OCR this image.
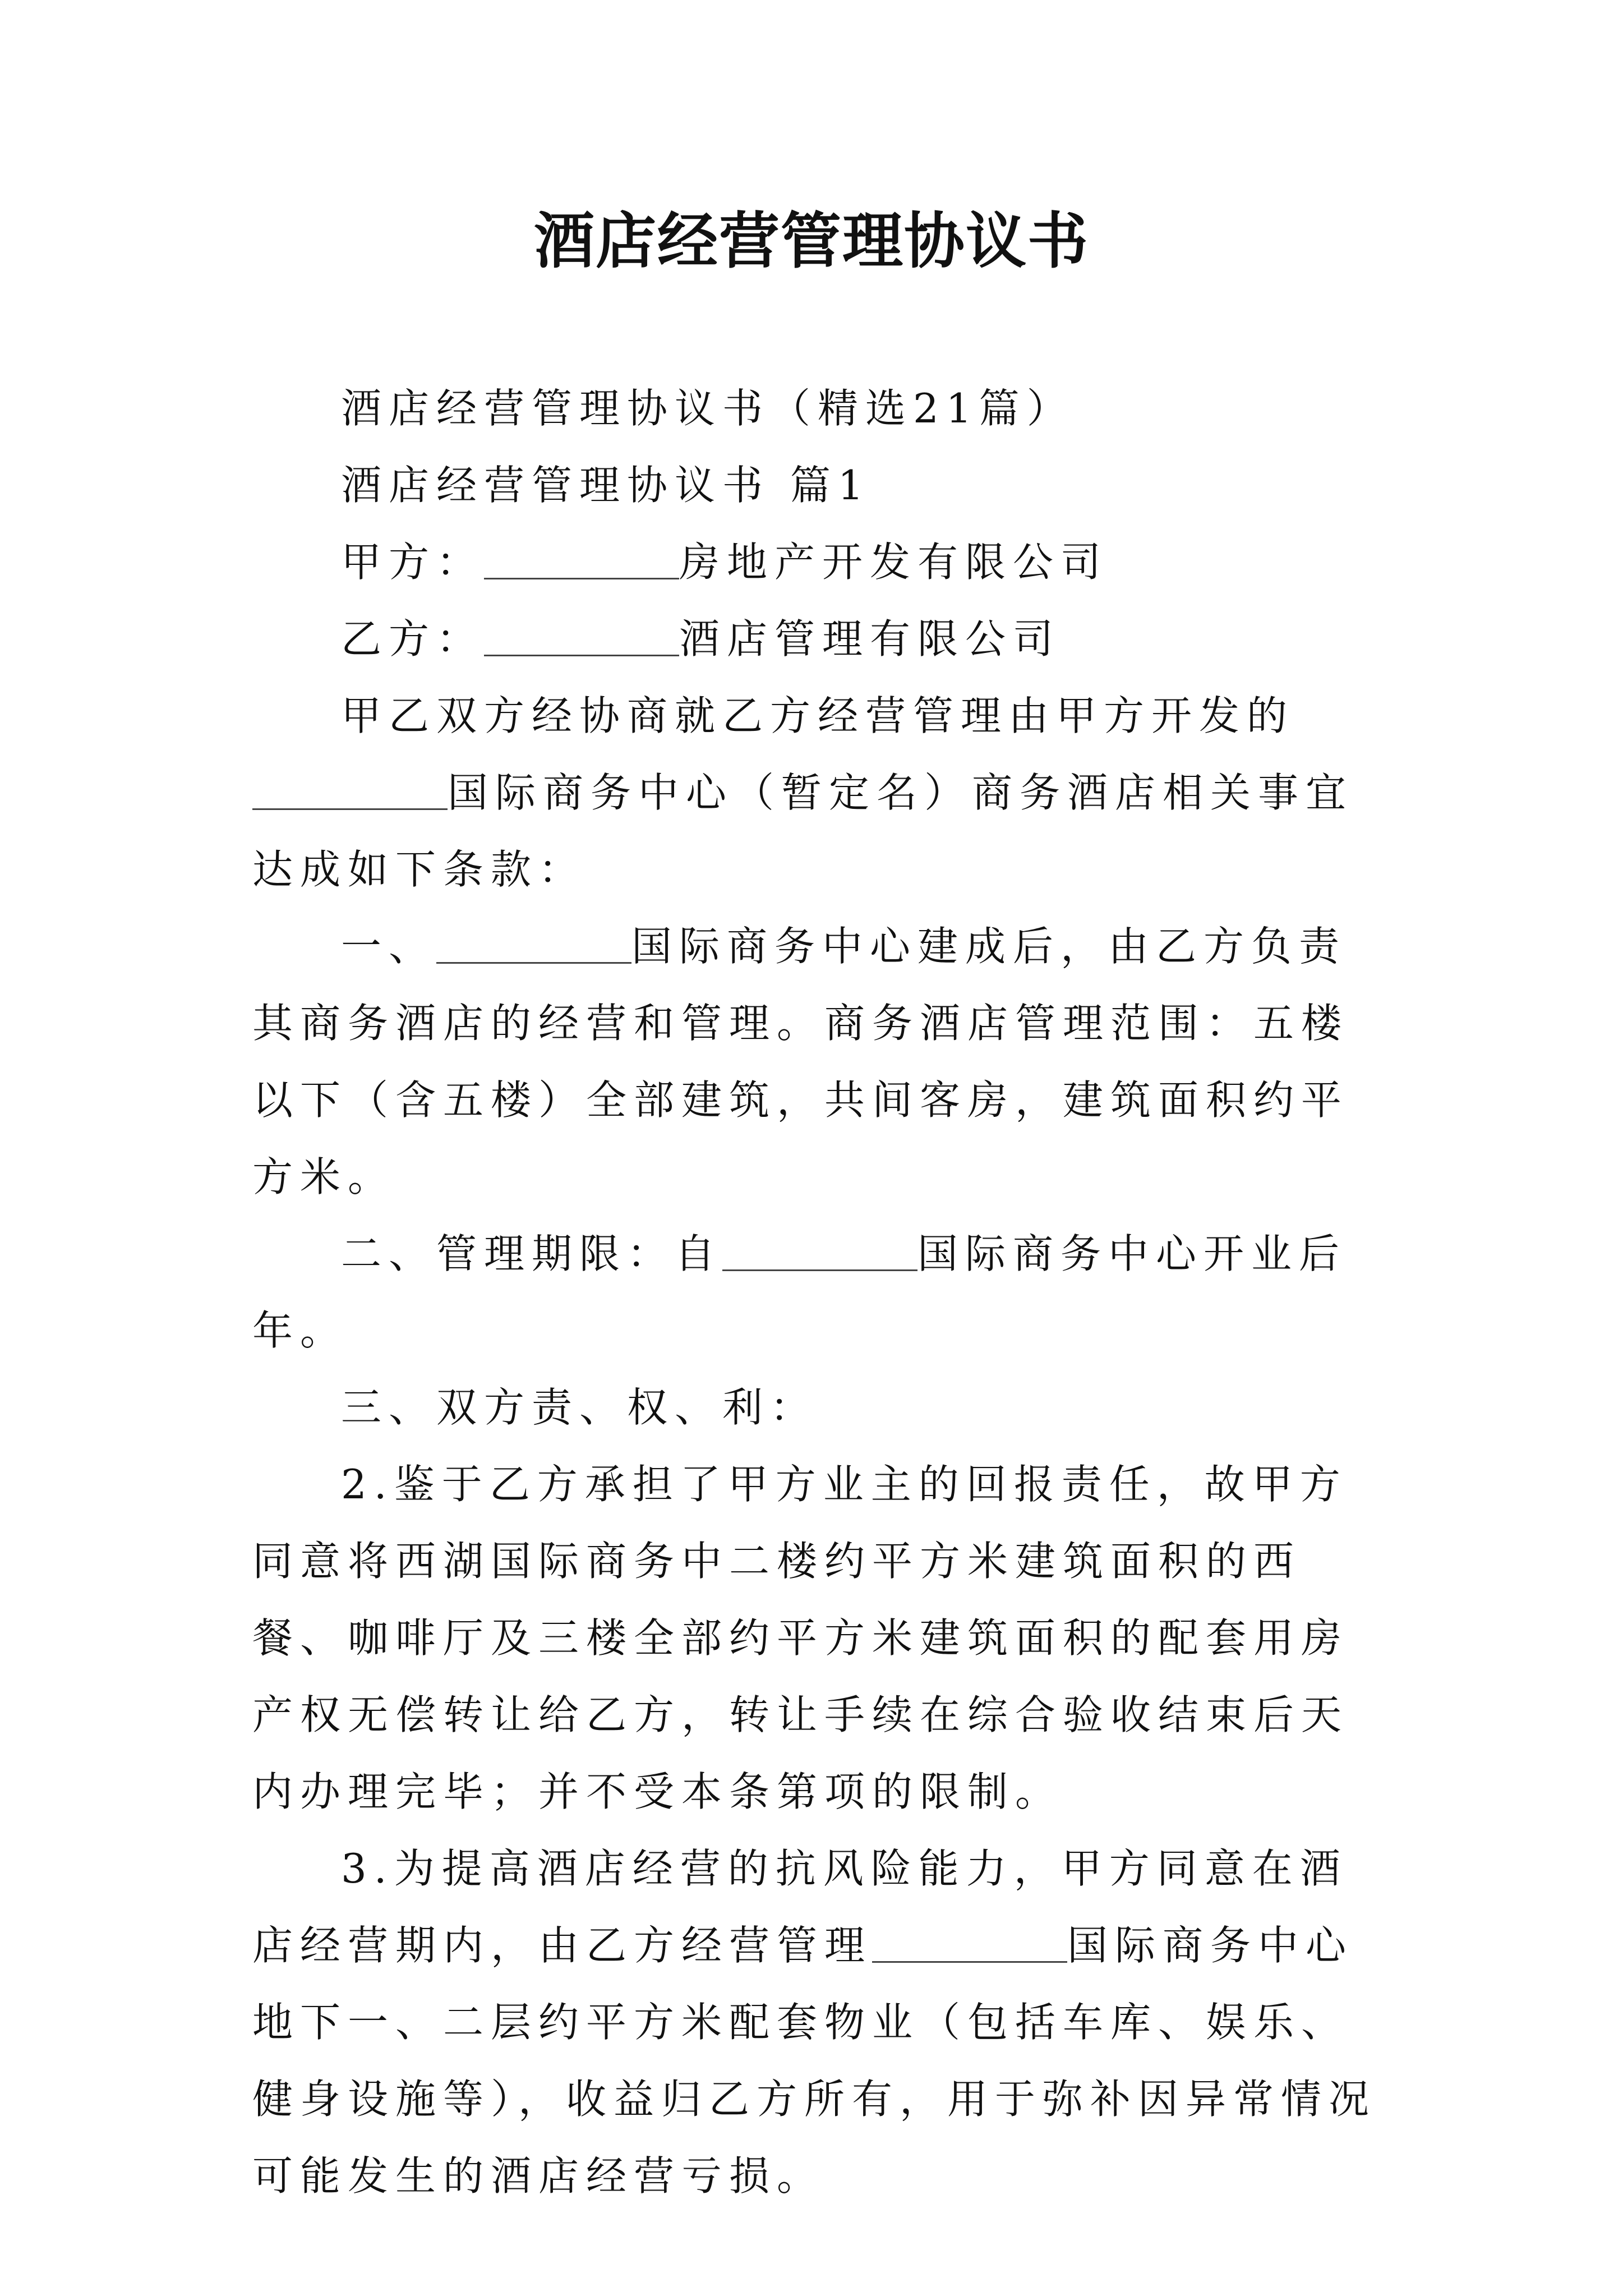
酒店经营管理协议书

酒店经营管理协议书（精选21篇）

酒店经营管理协议书 篇1

甲方：	房地产开发有限公司

乙方：	酒店管理有限公司

甲乙双方经协商就乙方经营管理由甲方开发的国际商务中心（暂定名）商务酒店相关事宜达成如下条款：

一、	国际商务中心建成后，由乙方负责其商务酒店的经营和管理。商务酒店管理范围：五楼以下（含五楼）全部建筑，共间客房，建筑面积约平方米。

二、管理期限：自	国际商务中心开业后年。

三、双方责、权、利：

2.鉴于乙方承担了甲方业主的回报责任，故甲方同意将西湖国际商务中二楼约平方米建筑面积的西餐、咖啡厅及三楼全部约平方米建筑面积的配套用房产权无偿转让给乙方，转让手续在综合验收结束后天内办理完毕；并不受本条第项的限制。

3.为提高酒店经营的抗风险能力，甲方同意在酒店经营期内，由乙方经营管理	国际商务中心地下一、二层约平方米配套物业（包括车库、娱乐、健身设施等），收益归乙方所有，用于弥补因异常情况可能发生的酒店经营亏损。
